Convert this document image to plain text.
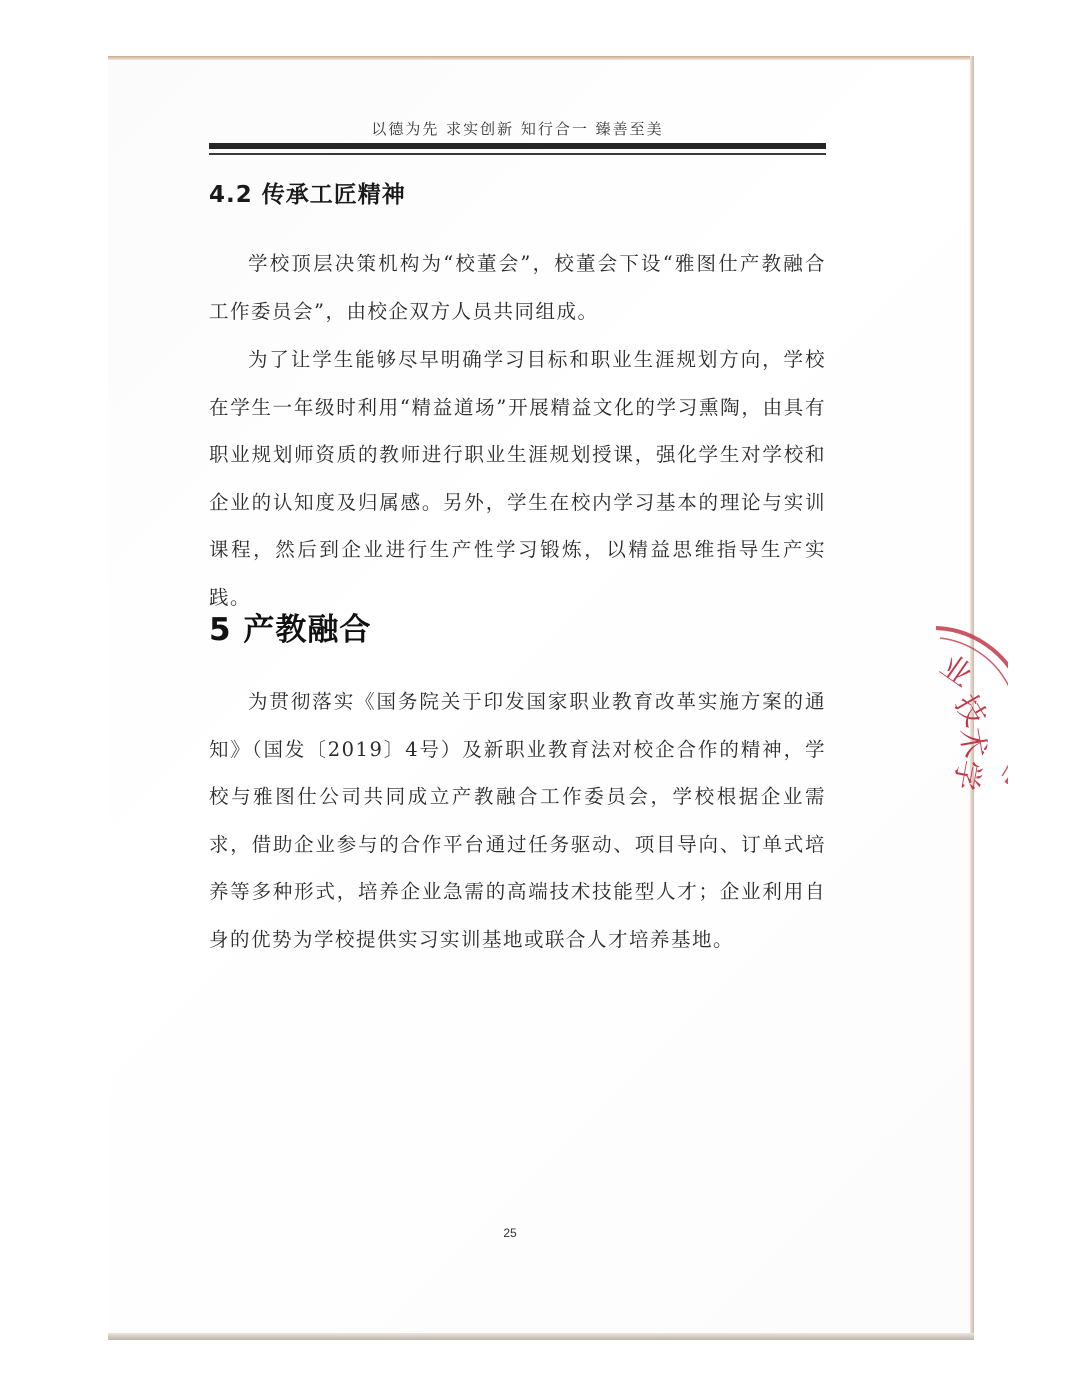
以德为先 求实创新 知行合一 臻善至美
4.2 传承工匠精神
学校顶层决策机构为“校董会”，校董会下设“雅图仕产教融合工作委员会”，由校企双方人员共同组成。
为了让学生能够尽早明确学习目标和职业生涯规划方向，学校在学生一年级时利用“精益道场”开展精益文化的学习熏陶，由具有职业规划师资质的教师进行职业生涯规划授课，强化学生对学校和企业的认知度及归属感。另外，学生在校内学习基本的理论与实训课程，然后到企业进行生产性学习锻炼，以精益思维指导生产实践。
5 产教融合
为贯彻落实《国务院关于印发国家职业教育改革实施方案的通知》（国发〔2019〕4号）及新职业教育法对校企合作的精神，学校与雅图仕公司共同成立产教融合工作委员会，学校根据企业需求，借助企业参与的合作平台通过任务驱动、项目导向、订单式培养等多种形式，培养企业急需的高端技术技能型人才；企业利用自身的优势为学校提供实习实训基地或联合人才培养基地。
业
技
术
学
25
